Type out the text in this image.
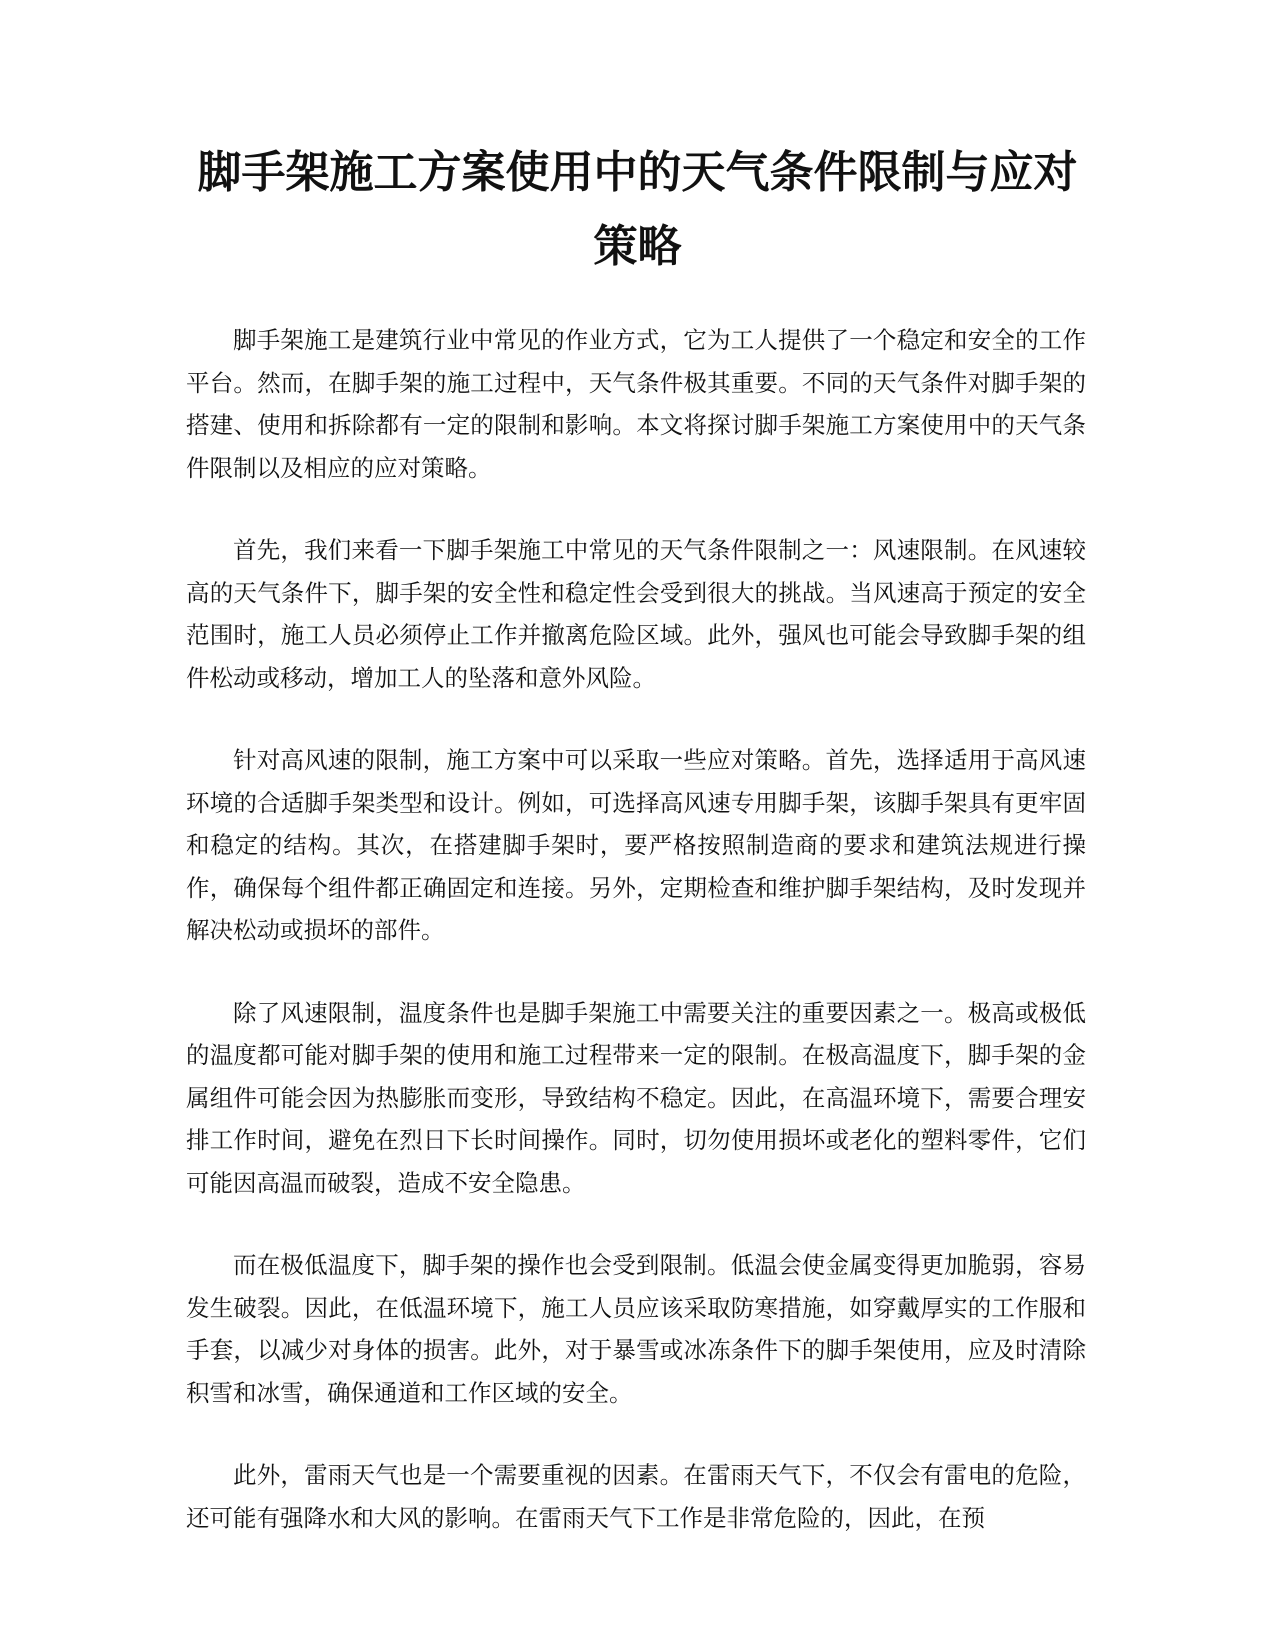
脚手架施工方案使用中的天气条件限制与应对策略

脚手架施工是建筑行业中常见的作业方式，它为工人提供了一个稳定和安全的工作平台。然而，在脚手架的施工过程中，天气条件极其重要。不同的天气条件对脚手架的搭建、使用和拆除都有一定的限制和影响。本文将探讨脚手架施工方案使用中的天气条件限制以及相应的应对策略。

首先，我们来看一下脚手架施工中常见的天气条件限制之一：风速限制。在风速较高的天气条件下，脚手架的安全性和稳定性会受到很大的挑战。当风速高于预定的安全范围时，施工人员必须停止工作并撤离危险区域。此外，强风也可能会导致脚手架的组件松动或移动，增加工人的坠落和意外风险。

针对高风速的限制，施工方案中可以采取一些应对策略。首先，选择适用于高风速环境的合适脚手架类型和设计。例如，可选择高风速专用脚手架，该脚手架具有更牢固和稳定的结构。其次，在搭建脚手架时，要严格按照制造商的要求和建筑法规进行操作，确保每个组件都正确固定和连接。另外，定期检查和维护脚手架结构，及时发现并解决松动或损坏的部件。

除了风速限制，温度条件也是脚手架施工中需要关注的重要因素之一。极高或极低的温度都可能对脚手架的使用和施工过程带来一定的限制。在极高温度下，脚手架的金属组件可能会因为热膨胀而变形，导致结构不稳定。因此，在高温环境下，需要合理安排工作时间，避免在烈日下长时间操作。同时，切勿使用损坏或老化的塑料零件，它们可能因高温而破裂，造成不安全隐患。

而在极低温度下，脚手架的操作也会受到限制。低温会使金属变得更加脆弱，容易发生破裂。因此，在低温环境下，施工人员应该采取防寒措施，如穿戴厚实的工作服和手套，以减少对身体的损害。此外，对于暴雪或冰冻条件下的脚手架使用，应及时清除积雪和冰雪，确保通道和工作区域的安全。

此外，雷雨天气也是一个需要重视的因素。在雷雨天气下，不仅会有雷电的危险，还可能有强降水和大风的影响。在雷雨天气下工作是非常危险的，因此，在预
